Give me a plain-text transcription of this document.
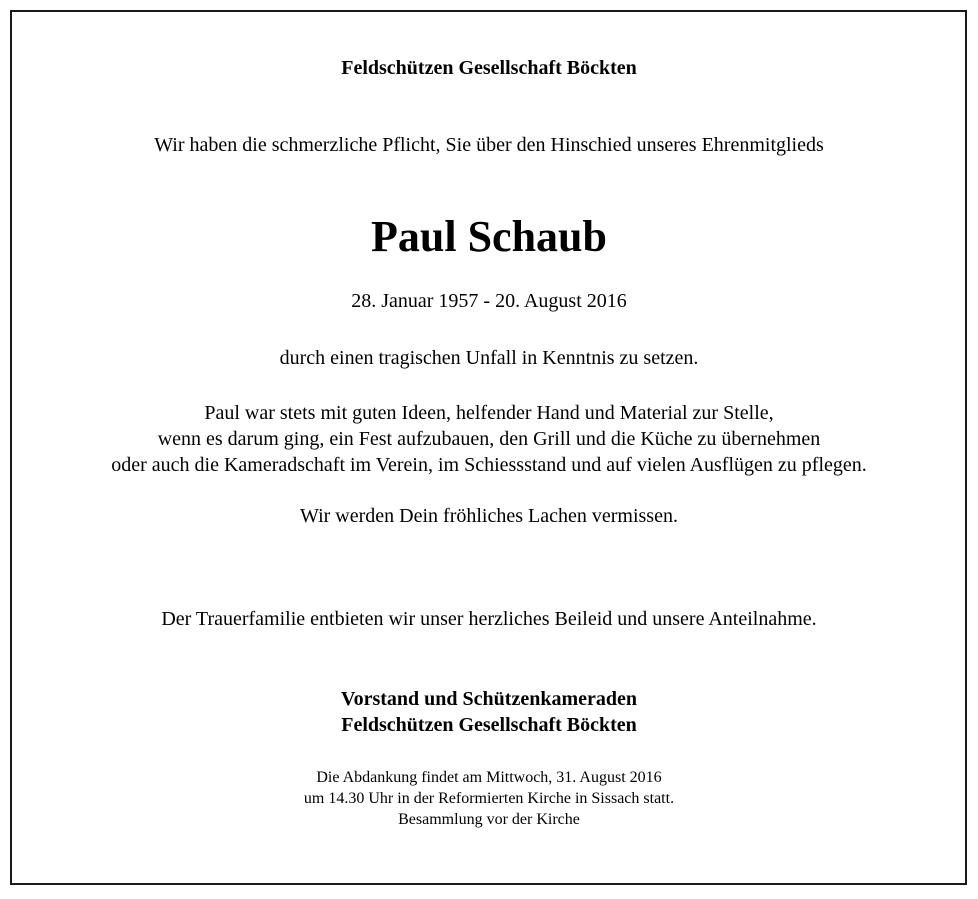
Feldschützen Gesellschaft Böckten
Wir haben die schmerzliche Pflicht, Sie über den Hinschied unseres Ehrenmitglieds
Paul Schaub
28. Januar 1957 - 20. August 2016
durch einen tragischen Unfall in Kenntnis zu setzen.
Paul war stets mit guten Ideen, helfender Hand und Material zur Stelle,
wenn es darum ging, ein Fest aufzubauen, den Grill und die Küche zu übernehmen
oder auch die Kameradschaft im Verein, im Schiessstand und auf vielen Ausflügen zu pflegen.
Wir werden Dein fröhliches Lachen vermissen.
Der Trauerfamilie entbieten wir unser herzliches Beileid und unsere Anteilnahme.
Vorstand und Schützenkameraden
Feldschützen Gesellschaft Böckten
Die Abdankung findet am Mittwoch, 31. August 2016
um 14.30 Uhr in der Reformierten Kirche in Sissach statt.
Besammlung vor der Kirche
